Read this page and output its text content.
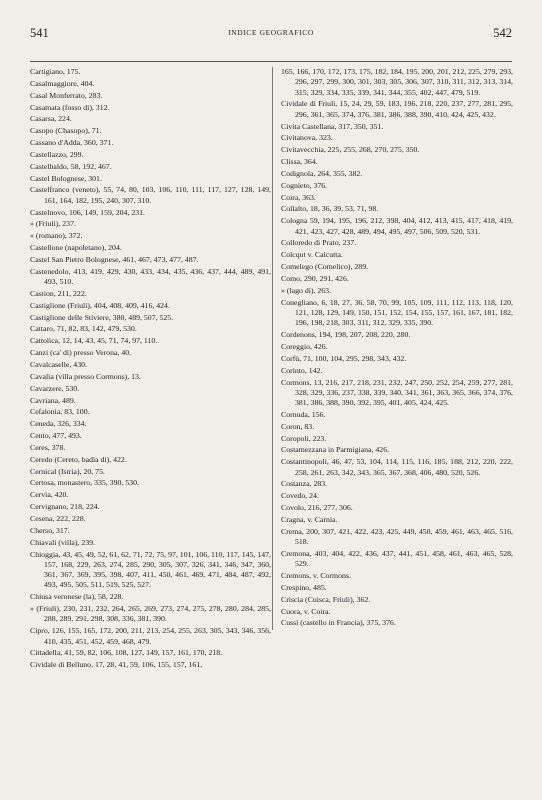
541	INDICE GEOGRAFICO	542
Cartigiano, 175.
Casalmaggiore, 404.
Casal Monferrato, 283.
Casamata (fosso di), 312.
Casarsa, 224.
Casopo (Chasopo), 71.
Cassano d'Adda, 360, 371.
Castellazzo, 299.
Castelbaldo, 58, 192, 467.
Castel Bolognese, 301.
Castelfranco (veneto), 55, 74, 80, 103, 106, 110, 111, 117, 127, 128, 149, 161, 164, 182, 195, 240, 307, 310.
Castelnovo, 106, 149, 159, 204, 231.
» (Friuli), 237.
» (romano), 372.
Castellone (napoletano), 204.
Castel San Pietro Bolognese, 461, 467, 473, 477, 487.
Castenedolo, 413, 419, 429, 430, 433, 434, 435, 436, 437, 444, 489, 491, 493, 510.
Castion, 211, 222.
Castiglione (Friuli), 404, 408, 409, 416, 424.
Castiglione delle Stiviere, 380, 489, 507, 525.
Cattaro, 71, 82, 83, 142, 479, 530.
Cattolica, 12, 14, 43, 45, 71, 74, 97, 110.
Canzi (ca' di) presso Verona, 40.
Cavalcaselle, 430.
Cavalia (villa presso Cormons), 13.
Cavarzere, 530.
Cavriana, 489.
Cefalonia, 83, 100.
Ceneda, 326, 334.
Cento, 477, 493.
Ceres, 378.
Ceredo (Cereto, badia di), 422.
Cernical (Istria), 20, 75.
Certosa, monastero, 335, 390, 530.
Cervia, 420.
Cervignano, 218, 224.
Cesena, 222, 228.
Cherso, 317.
Chiavali (villa), 239.
Chioggia, 43, 45, 49, 52, 61, 62, 71, 72, 75, 97, 101, 106, 110, 117, 145, 147, 157, 168, 229, 263, 274, 285, 290, 305, 307, 326, 341, 346, 347, 360, 361, 367, 369, 395, 398, 407, 411, 450, 461, 469, 471, 484, 487, 492, 493, 495, 505, 511, 519, 525, 527.
Chiusa veronese (la), 58, 228.
» (Friuli), 230, 231, 232, 264, 265, 269, 273, 274, 275, 278, 280, 284, 285, 288, 289, 291, 298, 308, 336, 381, 390.
Cipro, 126, 155, 165, 172, 200, 211, 213, 254, 255, 263, 305, 343, 346, 356, 410, 435, 451, 452, 459, 468, 479.
Cittadella, 41, 59, 82, 106, 108, 127, 149, 157, 161, 170, 218.
Cividale di Belluno, 17, 28, 41, 59, 106, 155, 157, 161,
165, 166, 170, 172, 173, 175, 182, 184, 195, 200, 201, 212, 225, 279, 293, 296, 297, 299, 300, 301, 303, 305, 306, 307, 310, 311, 312, 313, 314, 315, 329, 334, 335, 339, 341, 344, 355, 402, 447, 479, 519.
Cividale di Friuli, 15, 24, 29, 59, 183, 196, 218, 220, 237, 277, 281, 295, 296, 361, 365, 374, 376, 381, 386, 388, 390, 410, 424, 425, 432.
Civita Castellana, 317, 350, 351.
Civitanova, 323.
Civitavecchia, 225, 255, 268, 270, 275, 350.
Clissa, 364.
Codignola, 264, 355, 382.
Cognieto, 376.
Coira, 363.
Collalto, 18, 36, 39, 53, 71, 98.
Cologna 59, 194, 195, 196, 212, 398, 404, 412, 413, 415, 417, 418, 419, 421, 423, 427, 428, 489, 494, 495, 497, 506, 509, 520, 531.
Colloredo di Prato, 237.
Colcqut v. Calcutta.
Comelego (Comelico), 289.
Como, 290, 291, 426.
» (lago di), 263.
Conegliano, 6, 18, 27, 36, 58, 70, 99, 105, 109, 111, 112, 113, 118, 120, 121, 128, 129, 149, 150, 151, 152, 154, 155, 157, 161, 167, 181, 182, 196, 198, 218, 303, 311, 312, 329, 335, 390.
Cordenons, 194, 198, 207, 208, 220, 280.
Coreggio, 426.
Corfù, 71, 100, 104, 295, 298, 343, 432.
Corinto, 142.
Cormons, 13, 216, 217, 218, 231, 232, 247, 250, 252, 254, 259, 277, 281, 328, 329, 336, 237, 338, 339, 340, 341, 361, 363, 365, 366, 374, 376, 381, 386, 388, 390, 392, 395, 401, 405, 424, 425.
Cornuda, 156.
Coron, 83.
Coropoli, 223.
Costamezzana in Parmigiana, 426.
Costantinopoli, 46, 47, 53, 104, 114, 115, 116, 185, 188, 212, 220, 222, 258, 261, 263, 342, 343, 365, 367, 368, 406, 480, 520, 526.
Costanza, 283.
Covedo, 24.
Covolo, 216, 277, 306.
Cragna, v. Carnia.
Crema, 200, 307, 421, 422, 423, 425, 449, 450, 459, 461, 463, 465, 516, 518.
Cremona, 403, 404, 422, 436, 437, 441, 451, 458, 461, 463, 465, 528, 529.
Cremons, v. Cormons.
Crespino, 485.
Criscia (Cuisca, Friuli), 362.
Cuora, v. Coira.
Cussi (castello in Francia), 375, 376.
